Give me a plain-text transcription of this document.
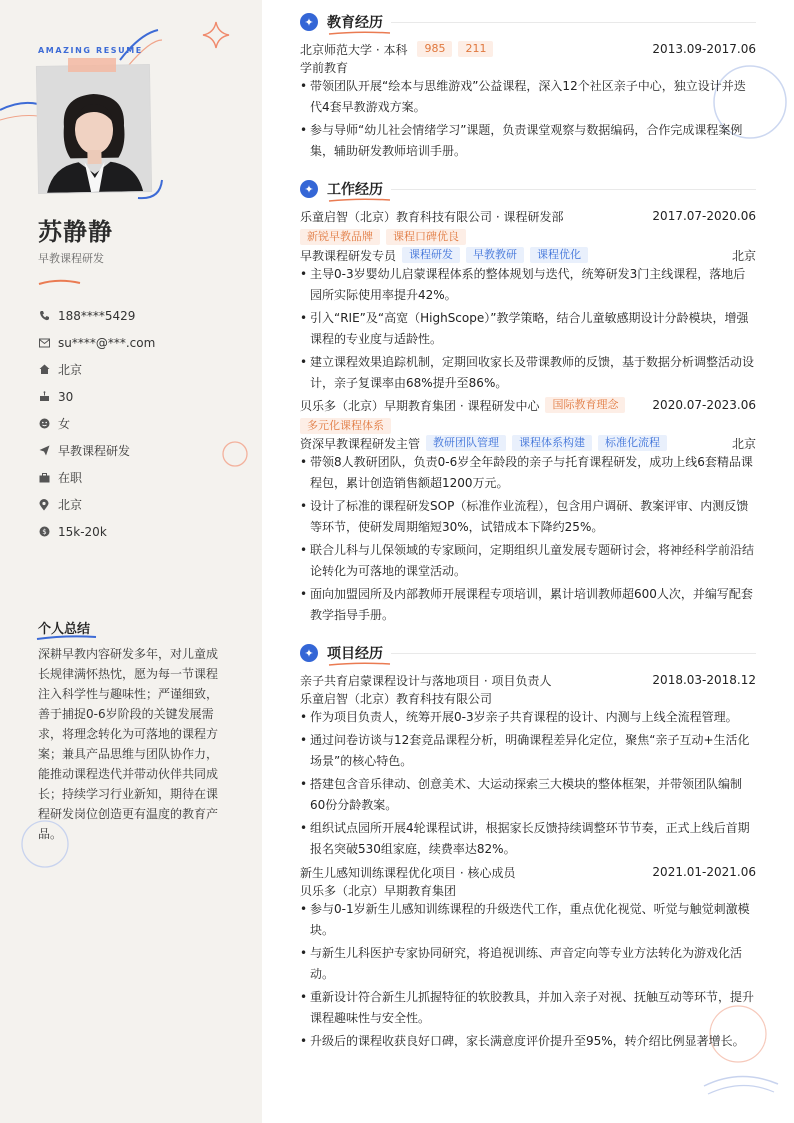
AMAZING RESUME
苏静静
早教课程研发
188****5429
su****@***.com
北京
30
女
早教课程研发
在职
北京
$ 15k-20k
个人总结
深耕早教内容研发多年，对儿童成长规律满怀热忱，愿为每一节课程注入科学性与趣味性；严谨细致，善于捕捉0-6岁阶段的关键发展需求，将理念转化为可落地的课程方案；兼具产品思维与团队协作力，能推动课程迭代并带动伙伴共同成长；持续学习行业新知，期待在课程研发岗位创造更有温度的教育产品。
✦ 教育经历
北京师范大学 · 本科	985	211	2013.09-2017.06
学前教育
• 带领团队开展“绘本与思维游戏”公益课程，深入12个社区亲子中心，独立设计并迭代4套早教游戏方案。
• 参与导师“幼儿社会情绪学习”课题，负责课堂观察与数据编码，合作完成课程案例集，辅助研发教师培训手册。
✦ 工作经历
乐童启智（北京）教育科技有限公司 · 课程研发部	2017.07-2020.06
新锐早教品牌	课程口碑优良
早教课程研发专员	课程研发	早教教研	课程优化	北京
• 主导0-3岁婴幼儿启蒙课程体系的整体规划与迭代，统筹研发3门主线课程，落地后园所实际使用率提升42%。
• 引入“RIE”及“高宽（HighScope）”教学策略，结合儿童敏感期设计分龄模块，增强课程的专业度与适龄性。
• 建立课程效果追踪机制，定期回收家长及带课教师的反馈，基于数据分析调整活动设计，亲子复课率由68%提升至86%。
贝乐多（北京）早期教育集团 · 课程研发中心	国际教育理念	2020.07-2023.06
多元化课程体系
资深早教课程研发主管	教研团队管理	课程体系构建	标准化流程	北京
• 带领8人教研团队，负责0-6岁全年龄段的亲子与托育课程研发，成功上线6套精品课程包，累计创造销售额超1200万元。
• 设计了标准的课程研发SOP（标准作业流程），包含用户调研、教案评审、内测反馈等环节，使研发周期缩短30%，试错成本下降约25%。
• 联合儿科与儿保领域的专家顾问，定期组织儿童发展专题研讨会，将神经科学前沿结论转化为可落地的课堂活动。
• 面向加盟园所及内部教师开展课程专项培训，累计培训教师超600人次，并编写配套教学指导手册。
✦ 项目经历
亲子共育启蒙课程设计与落地项目 · 项目负责人	2018.03-2018.12
乐童启智（北京）教育科技有限公司
• 作为项目负责人，统筹开展0-3岁亲子共育课程的设计、内测与上线全流程管理。
• 通过问卷访谈与12套竞品课程分析，明确课程差异化定位，聚焦“亲子互动+生活化场景”的核心特色。
• 搭建包含音乐律动、创意美术、大运动探索三大模块的整体框架，并带领团队编制60份分龄教案。
• 组织试点园所开展4轮课程试讲，根据家长反馈持续调整环节节奏，正式上线后首期报名突破530组家庭，续费率达82%。
新生儿感知训练课程优化项目 · 核心成员	2021.01-2021.06
贝乐多（北京）早期教育集团
• 参与0-1岁新生儿感知训练课程的升级迭代工作，重点优化视觉、听觉与触觉刺激模块。
• 与新生儿科医护专家协同研究，将追视训练、声音定向等专业方法转化为游戏化活动。
• 重新设计符合新生儿抓握特征的软胶教具，并加入亲子对视、抚触互动等环节，提升课程趣味性与安全性。
• 升级后的课程收获良好口碑，家长满意度评价提升至95%，转介绍比例显著增长。
